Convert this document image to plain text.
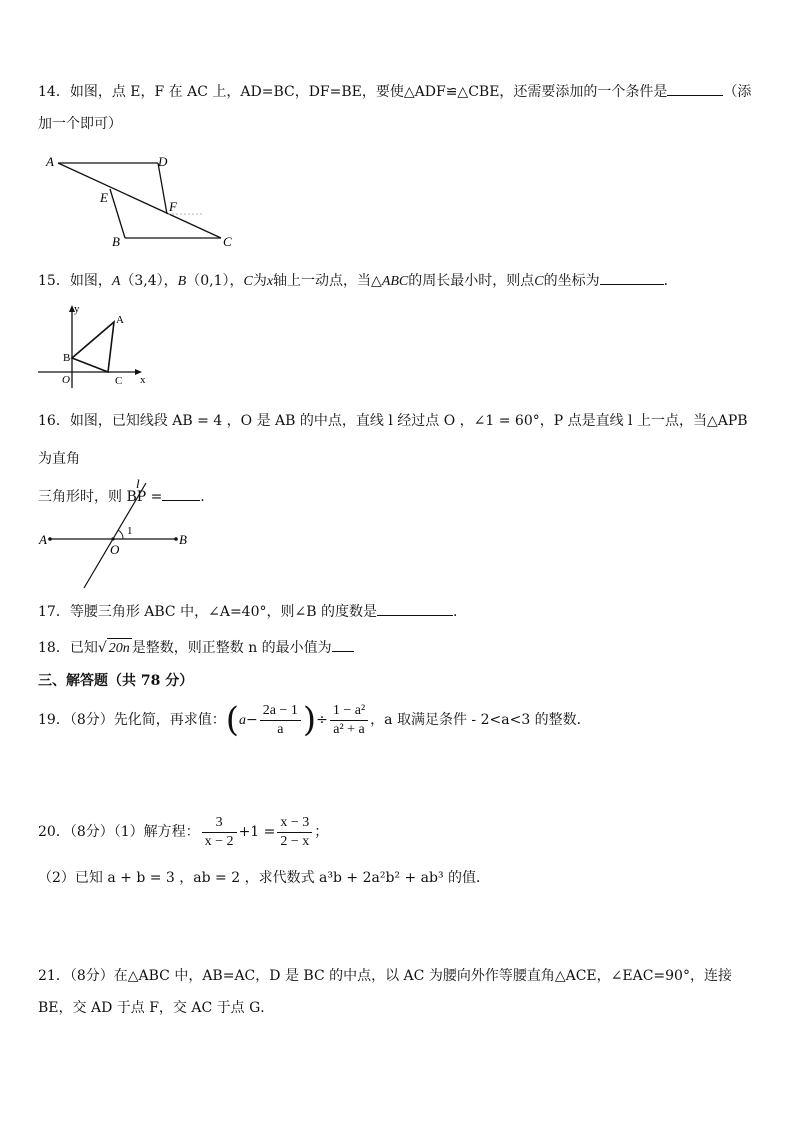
14．如图，点 E，F 在 AC 上，AD=BC，DF=BE，要使△ADF≌△CBE，还需要添加的一个条件是	（添加一个即可）
A	D
E
F
B	C
15．如图，A（3,4），B（0,1），C为x轴上一动点，当△ABC的周长最小时，则点C的坐标为	．
y
A
B
O	C x
16．如图，已知线段 AB = 4 ，O 是 AB 的中点，直线 l 经过点 O ，∠1 = 60°，P 点是直线 l 上一点，当△APB 为直角
三角形时，则 BP =	．
l
1
A	B
O
17．等腰三角形 ABC 中，∠A=40°，则∠B 的度数是	．
18．已知√ 20n 是整数，则正整数 n 的最小值为
三、解答题（共 78 分）
19．（8分）先化简，再求值：($a- \frac{2a - 1}{a}$ )÷ $\frac{\text{1 − a²}}{\text{a² + a}}$ ，a 取满足条件 - 2<a<3 的整数．
20．（8分）（1）解方程： $\frac{3}{x - 2} +1 = \frac{x - 3}{2 - x}$ ；
（2）已知 a + b = 3 ，ab = 2 ，求代数式 a³b + 2a²b² + ab³ 的值．
21．（8分）在△ABC 中，AB=AC，D 是 BC 的中点，以 AC 为腰向外作等腰直角△ACE，∠EAC=90°，连接 BE，交 AD 于点 F，交 AC 于点 G．
